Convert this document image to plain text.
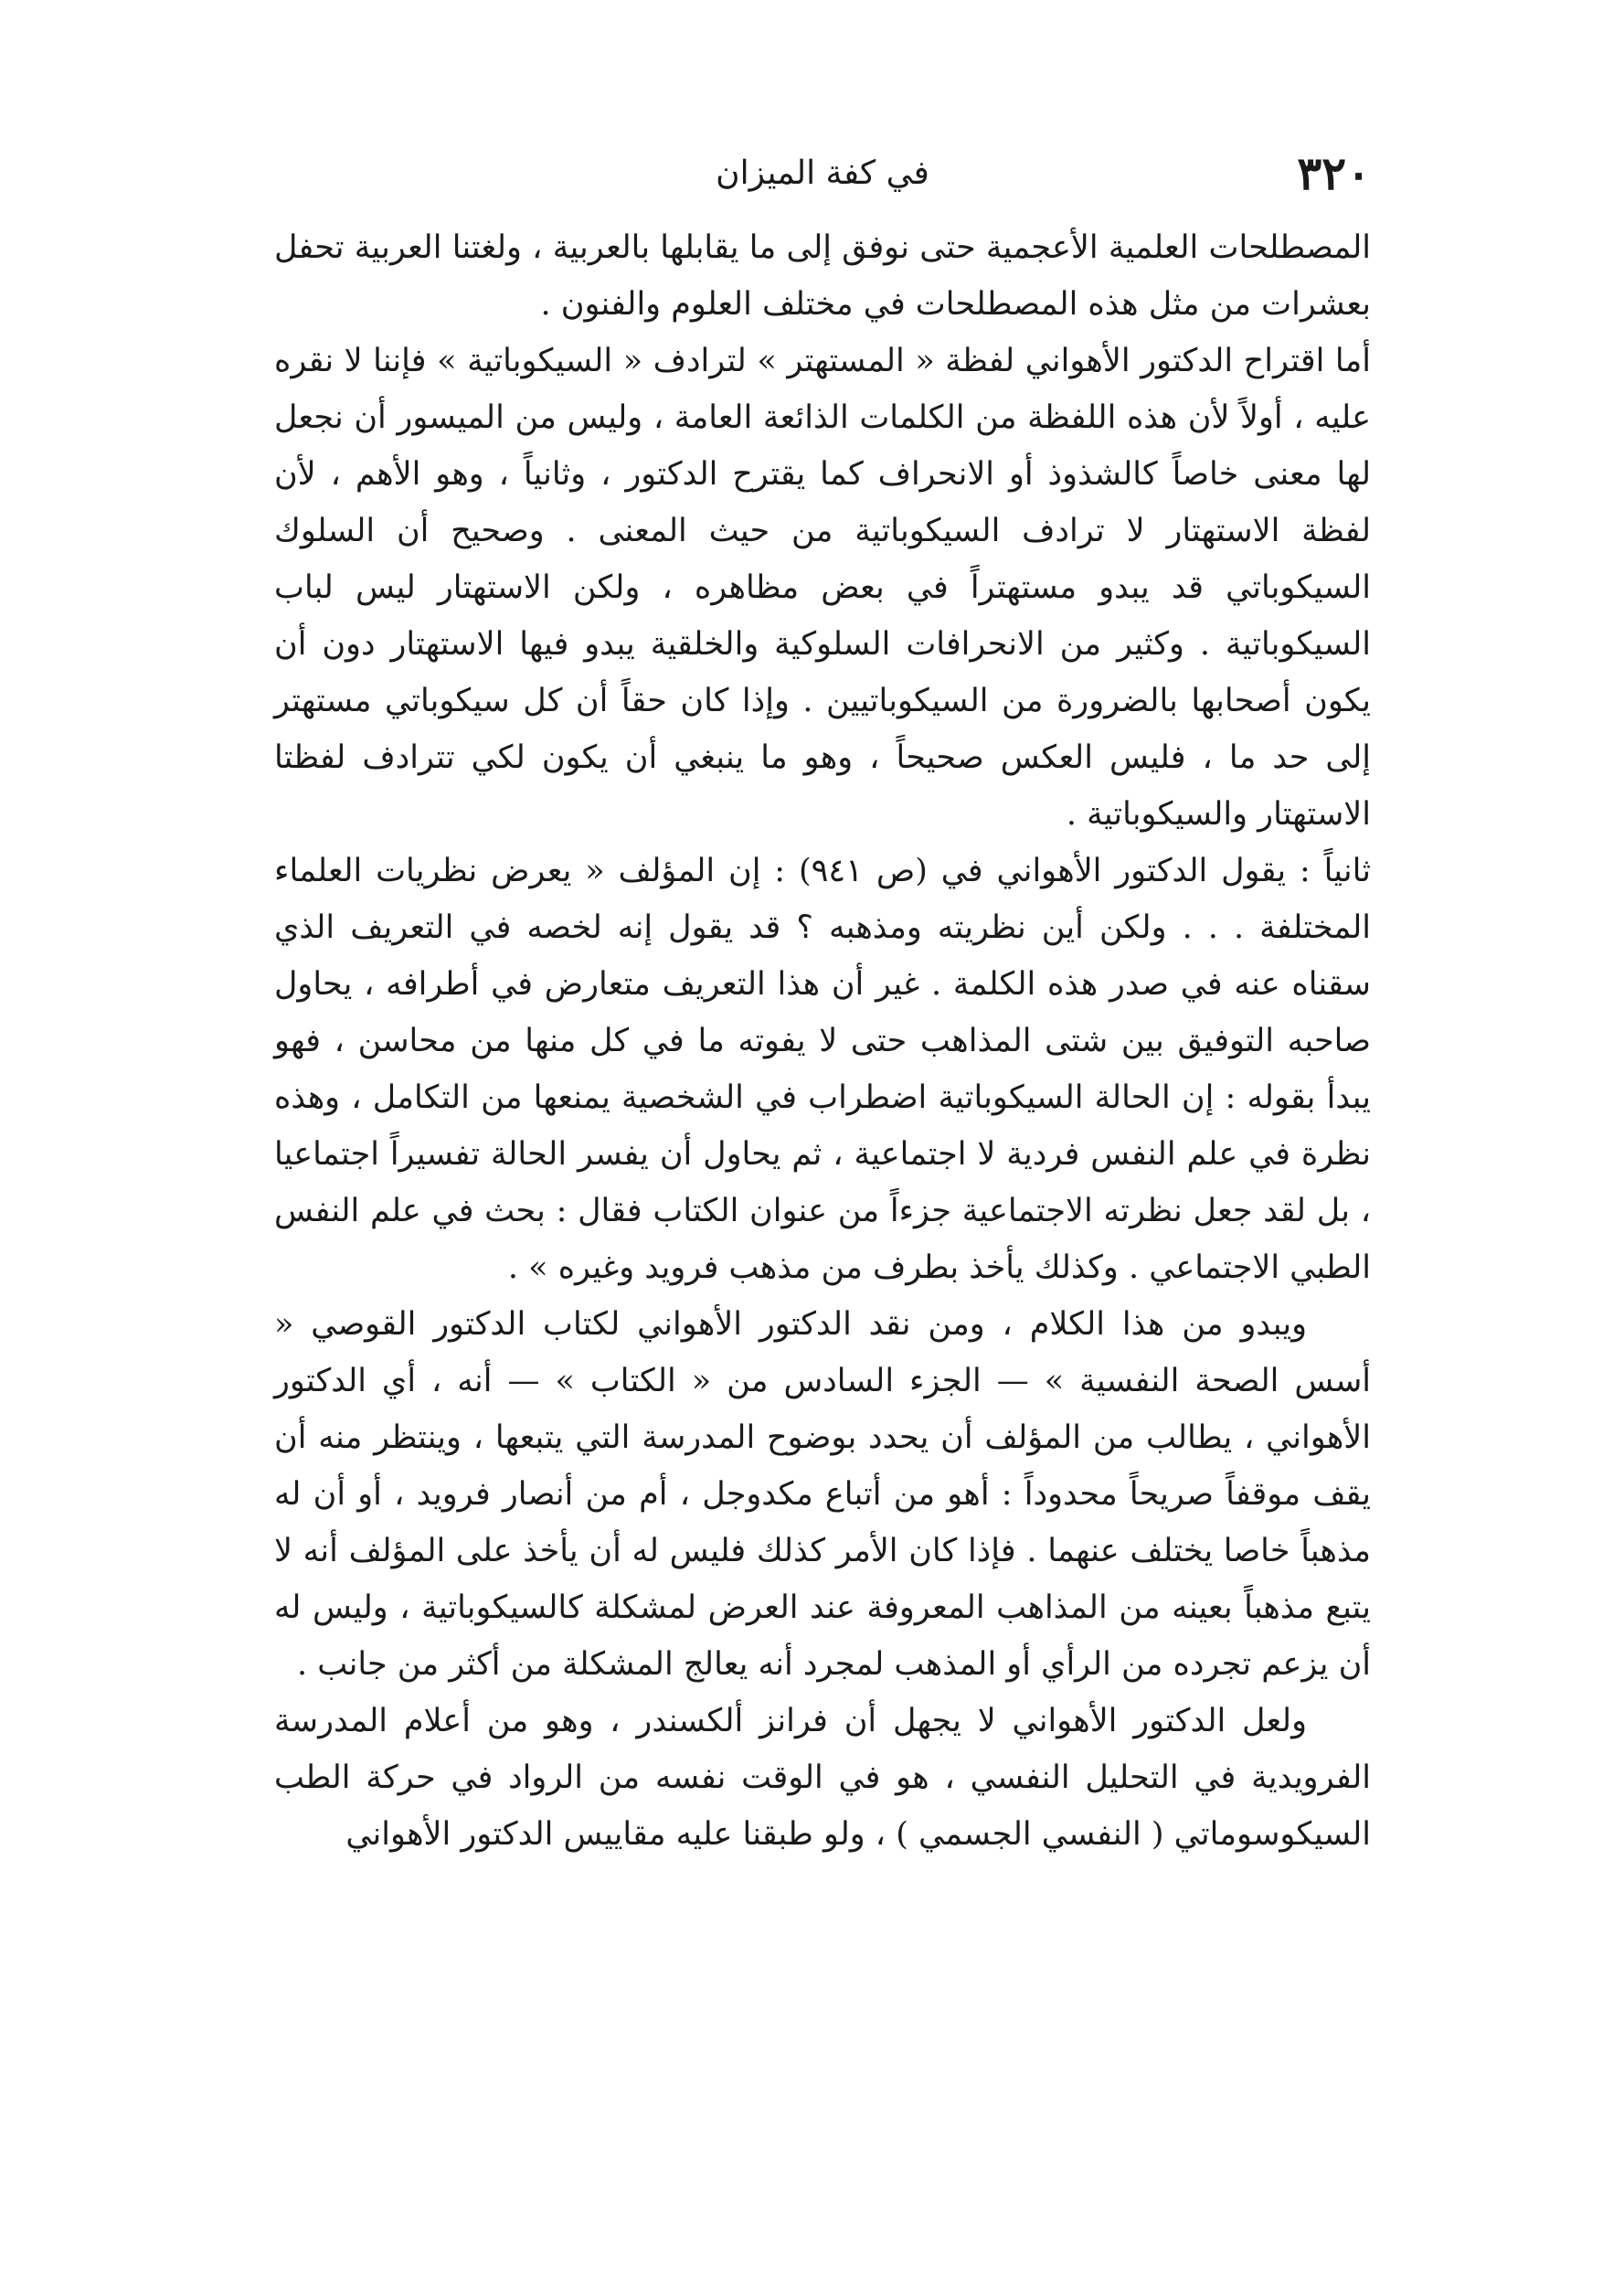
٣٢٠
في كفة الميزان

المصطلحات العلمية الأعجمية حتى نوفق إلى ما يقابلها بالعربية ، ولغتنا العربية تحفل بعشرات من مثل هذه المصطلحات في مختلف العلوم والفنون .

أما اقتراح الدكتور الأهواني لفظة « المستهتر » لترادف « السيكوباتية » فإننا لا نقره عليه ، أولاً لأن هذه اللفظة من الكلمات الذائعة العامة ، وليس من الميسور أن نجعل لها معنى خاصاً كالشذوذ أو الانحراف كما يقترح الدكتور ، وثانياً ، وهو الأهم ، لأن لفظة الاستهتار لا ترادف السيكوباتية من حيث المعنى . وصحيح أن السلوك السيكوباتي قد يبدو مستهتراً في بعض مظاهره ، ولكن الاستهتار ليس لباب السيكوباتية . وكثير من الانحرافات السلوكية والخلقية يبدو فيها الاستهتار دون أن يكون أصحابها بالضرورة من السيكوباتيين . وإذا كان حقاً أن كل سيكوباتي مستهتر إلى حد ما ، فليس العكس صحيحاً ، وهو ما ينبغي أن يكون لكي تترادف لفظتا الاستهتار والسيكوباتية .

ثانياً : يقول الدكتور الأهواني في (ص ٩٤١) : إن المؤلف « يعرض نظريات العلماء المختلفة . . . ولكن أين نظريته ومذهبه ؟ قد يقول إنه لخصه في التعريف الذي سقناه عنه في صدر هذه الكلمة . غير أن هذا التعريف متعارض في أطرافه ، يحاول صاحبه التوفيق بين شتى المذاهب حتى لا يفوته ما في كل منها من محاسن ، فهو يبدأ بقوله : إن الحالة السيكوباتية اضطراب في الشخصية يمنعها من التكامل ، وهذه نظرة في علم النفس فردية لا اجتماعية ، ثم يحاول أن يفسر الحالة تفسيراً اجتماعيا ، بل لقد جعل نظرته الاجتماعية جزءاً من عنوان الكتاب فقال : بحث في علم النفس الطبي الاجتماعي . وكذلك يأخذ بطرف من مذهب فرويد وغيره » .

ويبدو من هذا الكلام ، ومن نقد الدكتور الأهواني لكتاب الدكتور القوصي « أسس الصحة النفسية » — الجزء السادس من « الكتاب » — أنه ، أي الدكتور الأهواني ، يطالب من المؤلف أن يحدد بوضوح المدرسة التي يتبعها ، وينتظر منه أن يقف موقفاً صريحاً محدوداً : أهو من أتباع مكدوجل ، أم من أنصار فرويد ، أو أن له مذهباً خاصا يختلف عنهما . فإذا كان الأمر كذلك فليس له أن يأخذ على المؤلف أنه لا يتبع مذهباً بعينه من المذاهب المعروفة عند العرض لمشكلة كالسيكوباتية ، وليس له أن يزعم تجرده من الرأي أو المذهب لمجرد أنه يعالج المشكلة من أكثر من جانب .

ولعل الدكتور الأهواني لا يجهل أن فرانز ألكسندر ، وهو من أعلام المدرسة الفرويدية في التحليل النفسي ، هو في الوقت نفسه من الرواد في حركة الطب السيكوسوماتي ( النفسي الجسمي ) ، ولو طبقنا عليه مقاييس الدكتور الأهواني
